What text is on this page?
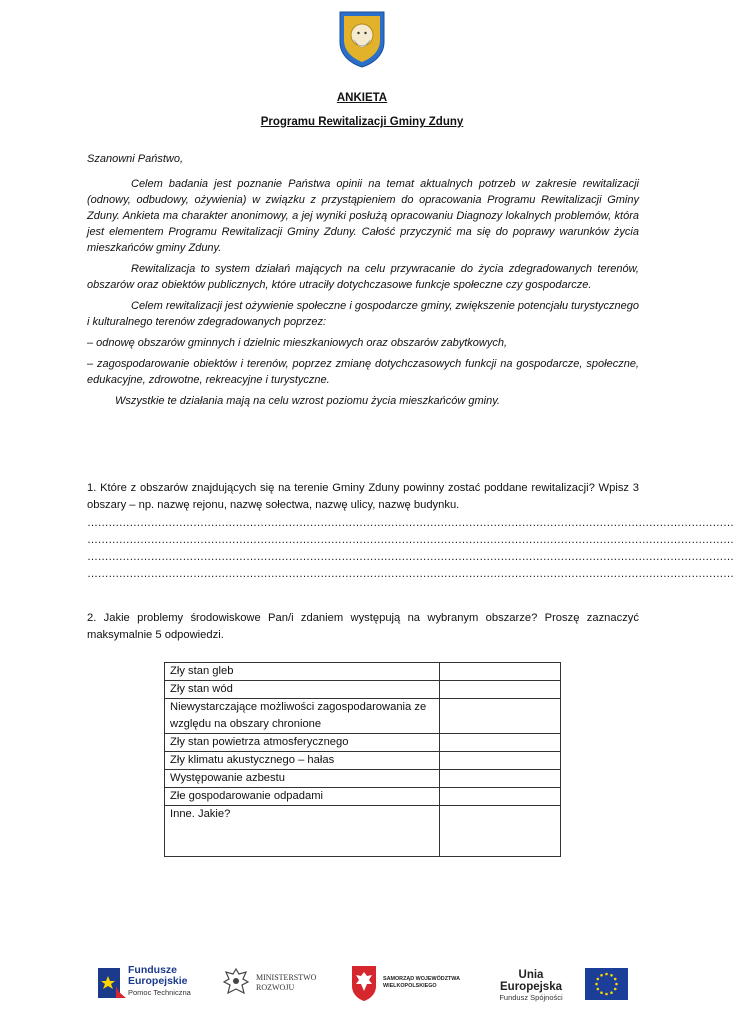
ANKIETA
Programu Rewitalizacji Gminy Zduny

Szanowni Państwo,

Celem badania jest poznanie Państwa opinii na temat aktualnych potrzeb w zakresie rewitalizacji (odnowy, odbudowy, ożywienia) w związku z przystąpieniem do opracowania Programu Rewitalizacji Gminy Zduny. Ankieta ma charakter anonimowy, a jej wyniki posłużą opracowaniu Diagnozy lokalnych problemów, która jest elementem Programu Rewitalizacji Gminy Zduny. Całość przyczynić ma się do poprawy warunków życia mieszkańców gminy Zduny.

Rewitalizacja to system działań mających na celu przywracanie do życia zdegradowanych terenów, obszarów oraz obiektów publicznych, które utraciły dotychczasowe funkcje społeczne czy gospodarcze.

Celem rewitalizacji jest ożywienie społeczne i gospodarcze gminy, zwiększenie potencjału turystycznego i kulturalnego terenów zdegradowanych poprzez:

– odnowę obszarów gminnych i dzielnic mieszkaniowych oraz obszarów zabytkowych,

– zagospodarowanie obiektów i terenów, poprzez zmianę dotychczasowych funkcji na gospodarcze, społeczne, edukacyjne, zdrowotne, rekreacyjne i turystyczne.

Wszystkie te działania mają na celu wzrost poziomu życia mieszkańców gminy.

1. Które z obszarów znajdujących się na terenie Gminy Zduny powinny zostać poddane rewitalizacji? Wpisz 3 obszary – np. nazwę rejonu, nazwę sołectwa, nazwę ulicy, nazwę budynku.

…………………………………………………………………………………………………………………………………………………………………
…………………………………………………………………………………………………………………………………………………………………
…………………………………………………………………………………………………………………………………………………………………
…………………………………………………………………………………………………………………………………………………………………

2. Jakie problemy środowiskowe Pan/i zdaniem występują na wybranym obszarze? Proszę zaznaczyć maksymalnie 5 odpowiedzi.

Zły stan gleb	
Zły stan wód	
Niewystarczające możliwości zagospodarowania ze względu na obszary chronione	
Zły stan powietrza atmosferycznego	
Zły klimatu akustycznego – hałas	
Występowanie azbestu	
Złe gospodarowanie odpadami	
Inne. Jakie?	
Fundusze
Europejskie
Pomoc Techniczna
MINISTERSTWO
ROZWOJU
SAMORZĄD WOJEWÓDZTWA
WIELKOPOLSKIEGO
Unia Europejska
Fundusz Spójności
